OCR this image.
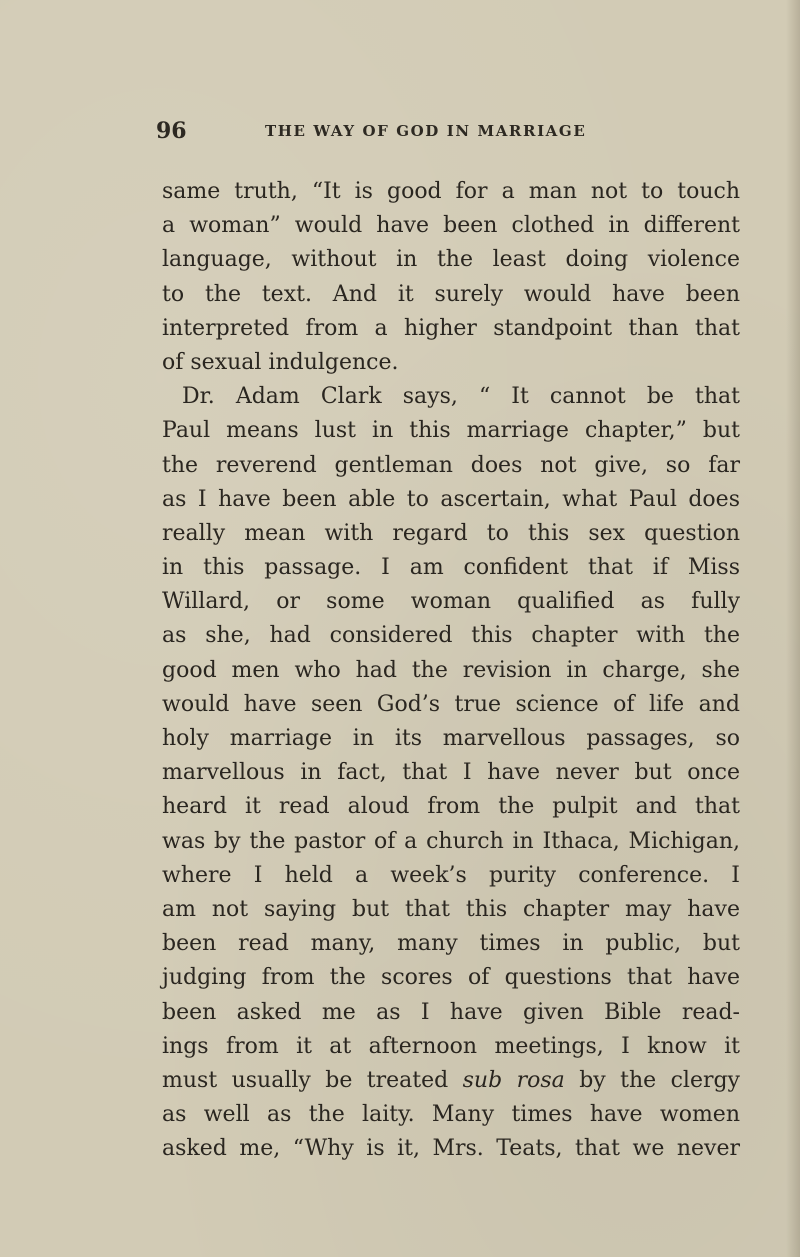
96	THE WAY OF GOD IN MARRIAGE
same truth, “It is good for a man not to touch
a woman” would have been clothed in different
language, without in the least doing violence
to the text. And it surely would have been
interpreted from a higher standpoint than that
of sexual indulgence.
Dr. Adam Clark says, “ It cannot be that
Paul means lust in this marriage chapter,” but
the reverend gentleman does not give, so far
as I have been able to ascertain, what Paul does
really mean with regard to this sex question
in this passage. I am confident that if Miss
Willard, or some woman qualified as fully
as she, had considered this chapter with the
good men who had the revision in charge, she
would have seen God’s true science of life and
holy marriage in its marvellous passages, so
marvellous in fact, that I have never but once
heard it read aloud from the pulpit and that
was by the pastor of a church in Ithaca, Michigan,
where I held a week’s purity conference. I
am not saying but that this chapter may have
been read many, many times in public, but
judging from the scores of questions that have
been asked me as I have given Bible read-
ings from it at afternoon meetings, I know it
must usually be treated sub rosa by the clergy
as well as the laity. Many times have women
asked me, “Why is it, Mrs. Teats, that we never
